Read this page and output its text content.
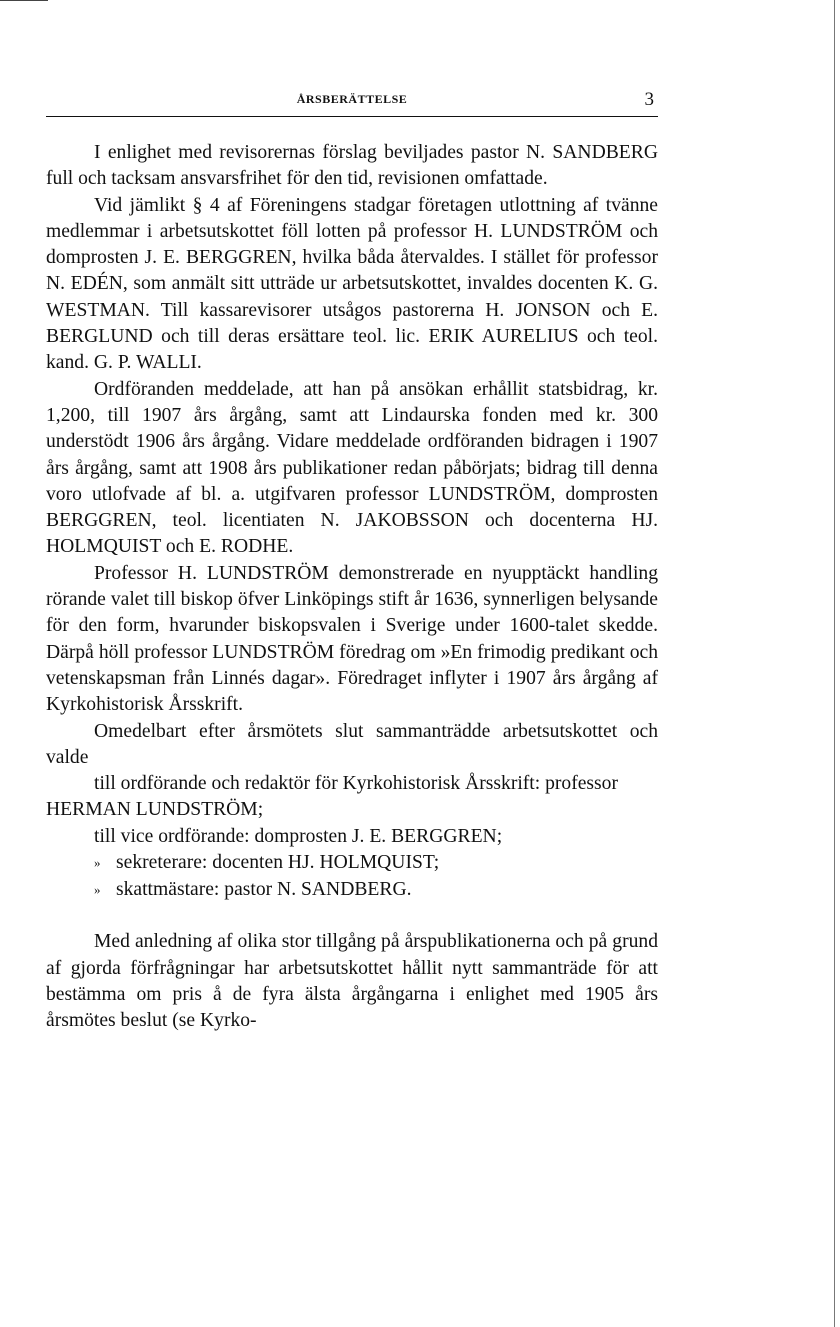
ÅRSBERÄTTELSE	3

I enlighet med revisorernas förslag beviljades pastor N. SANDBERG full och tacksam ansvarsfrihet för den tid, revisionen omfattade.

Vid jämlikt § 4 af Föreningens stadgar företagen utlottning af tvänne medlemmar i arbetsutskottet föll lotten på professor H. LUNDSTRÖM och domprosten J. E. BERGGREN, hvilka båda återvaldes. I stället för professor N. EDÉN, som anmält sitt utträde ur arbetsutskottet, invaldes docenten K. G. WESTMAN. Till kassarevisorer utsågos pastorerna H. JONSON och E. BERGLUND och till deras ersättare teol. lic. ERIK AURELIUS och teol. kand. G. P. WALLI.

Ordföranden meddelade, att han på ansökan erhållit statsbidrag, kr. 1,200, till 1907 års årgång, samt att Lindaurska fonden med kr. 300 understödt 1906 års årgång. Vidare meddelade ordföranden bidragen i 1907 års årgång, samt att 1908 års publikationer redan påbörjats; bidrag till denna voro utlofvade af bl. a. utgifvaren professor LUNDSTRÖM, domprosten BERGGREN, teol. licentiaten N. JAKOBSSON och docenterna HJ. HOLMQUIST och E. RODHE.

Professor H. LUNDSTRÖM demonstrerade en nyupptäckt handling rörande valet till biskop öfver Linköpings stift år 1636, synnerligen belysande för den form, hvarunder biskopsvalen i Sverige under 1600-talet skedde. Därpå höll professor LUNDSTRÖM föredrag om »En frimodig predikant och vetenskapsman från Linnés dagar». Föredraget inflyter i 1907 års årgång af Kyrkohistorisk Årsskrift.

Omedelbart efter årsmötets slut sammanträdde arbetsutskottet och valde

till ordförande och redaktör för Kyrkohistorisk Årsskrift: professor HERMAN LUNDSTRÖM;

till vice ordförande: domprosten J. E. BERGGREN;

» sekreterare: docenten HJ. HOLMQUIST;

» skattmästare: pastor N. SANDBERG.

Med anledning af olika stor tillgång på årspublikationerna och på grund af gjorda förfrågningar har arbetsutskottet hållit nytt sammanträde för att bestämma om pris å de fyra älsta årgångarna i enlighet med 1905 års årsmötes beslut (se Kyrko-
